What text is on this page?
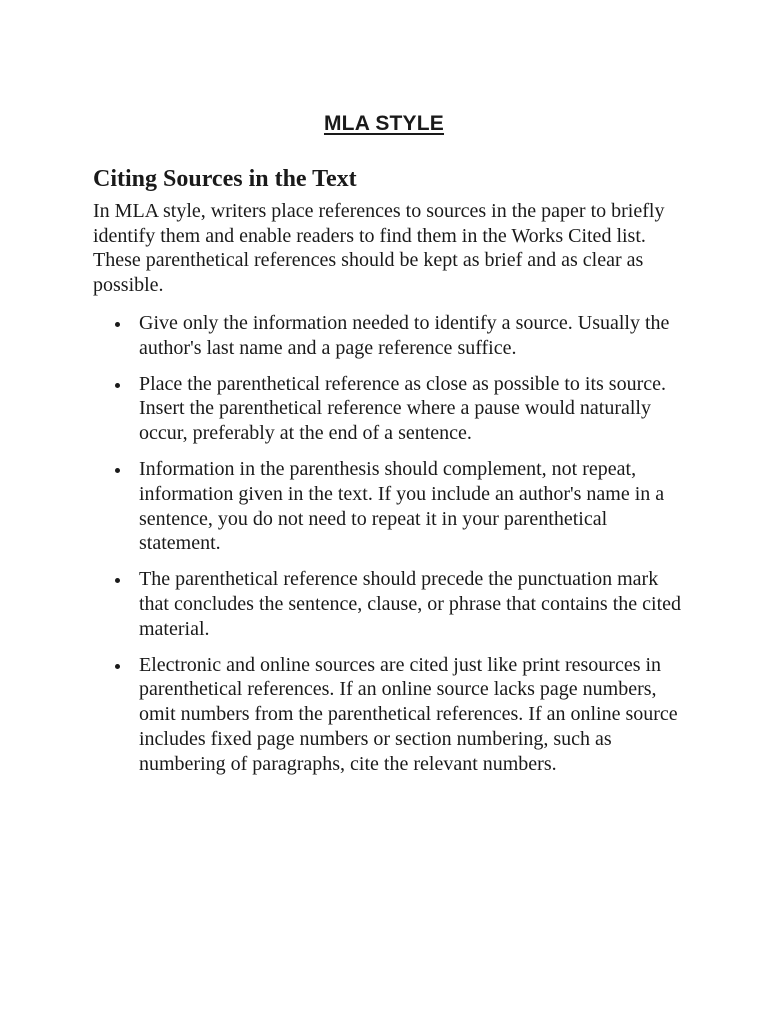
MLA STYLE
Citing Sources in the Text

In MLA style, writers place references to sources in the paper to briefly identify them and enable readers to find them in the Works Cited list. These parenthetical references should be kept as brief and as clear as possible.

Give only the information needed to identify a source. Usually the author's last name and a page reference suffice.
Place the parenthetical reference as close as possible to its source. Insert the parenthetical reference where a pause would naturally occur, preferably at the end of a sentence.
Information in the parenthesis should complement, not repeat, information given in the text. If you include an author's name in a sentence, you do not need to repeat it in your parenthetical statement.
The parenthetical reference should precede the punctuation mark that concludes the sentence, clause, or phrase that contains the cited material.
Electronic and online sources are cited just like print resources in parenthetical references. If an online source lacks page numbers, omit numbers from the parenthetical references. If an online source includes fixed page numbers or section numbering, such as numbering of paragraphs, cite the relevant numbers.
